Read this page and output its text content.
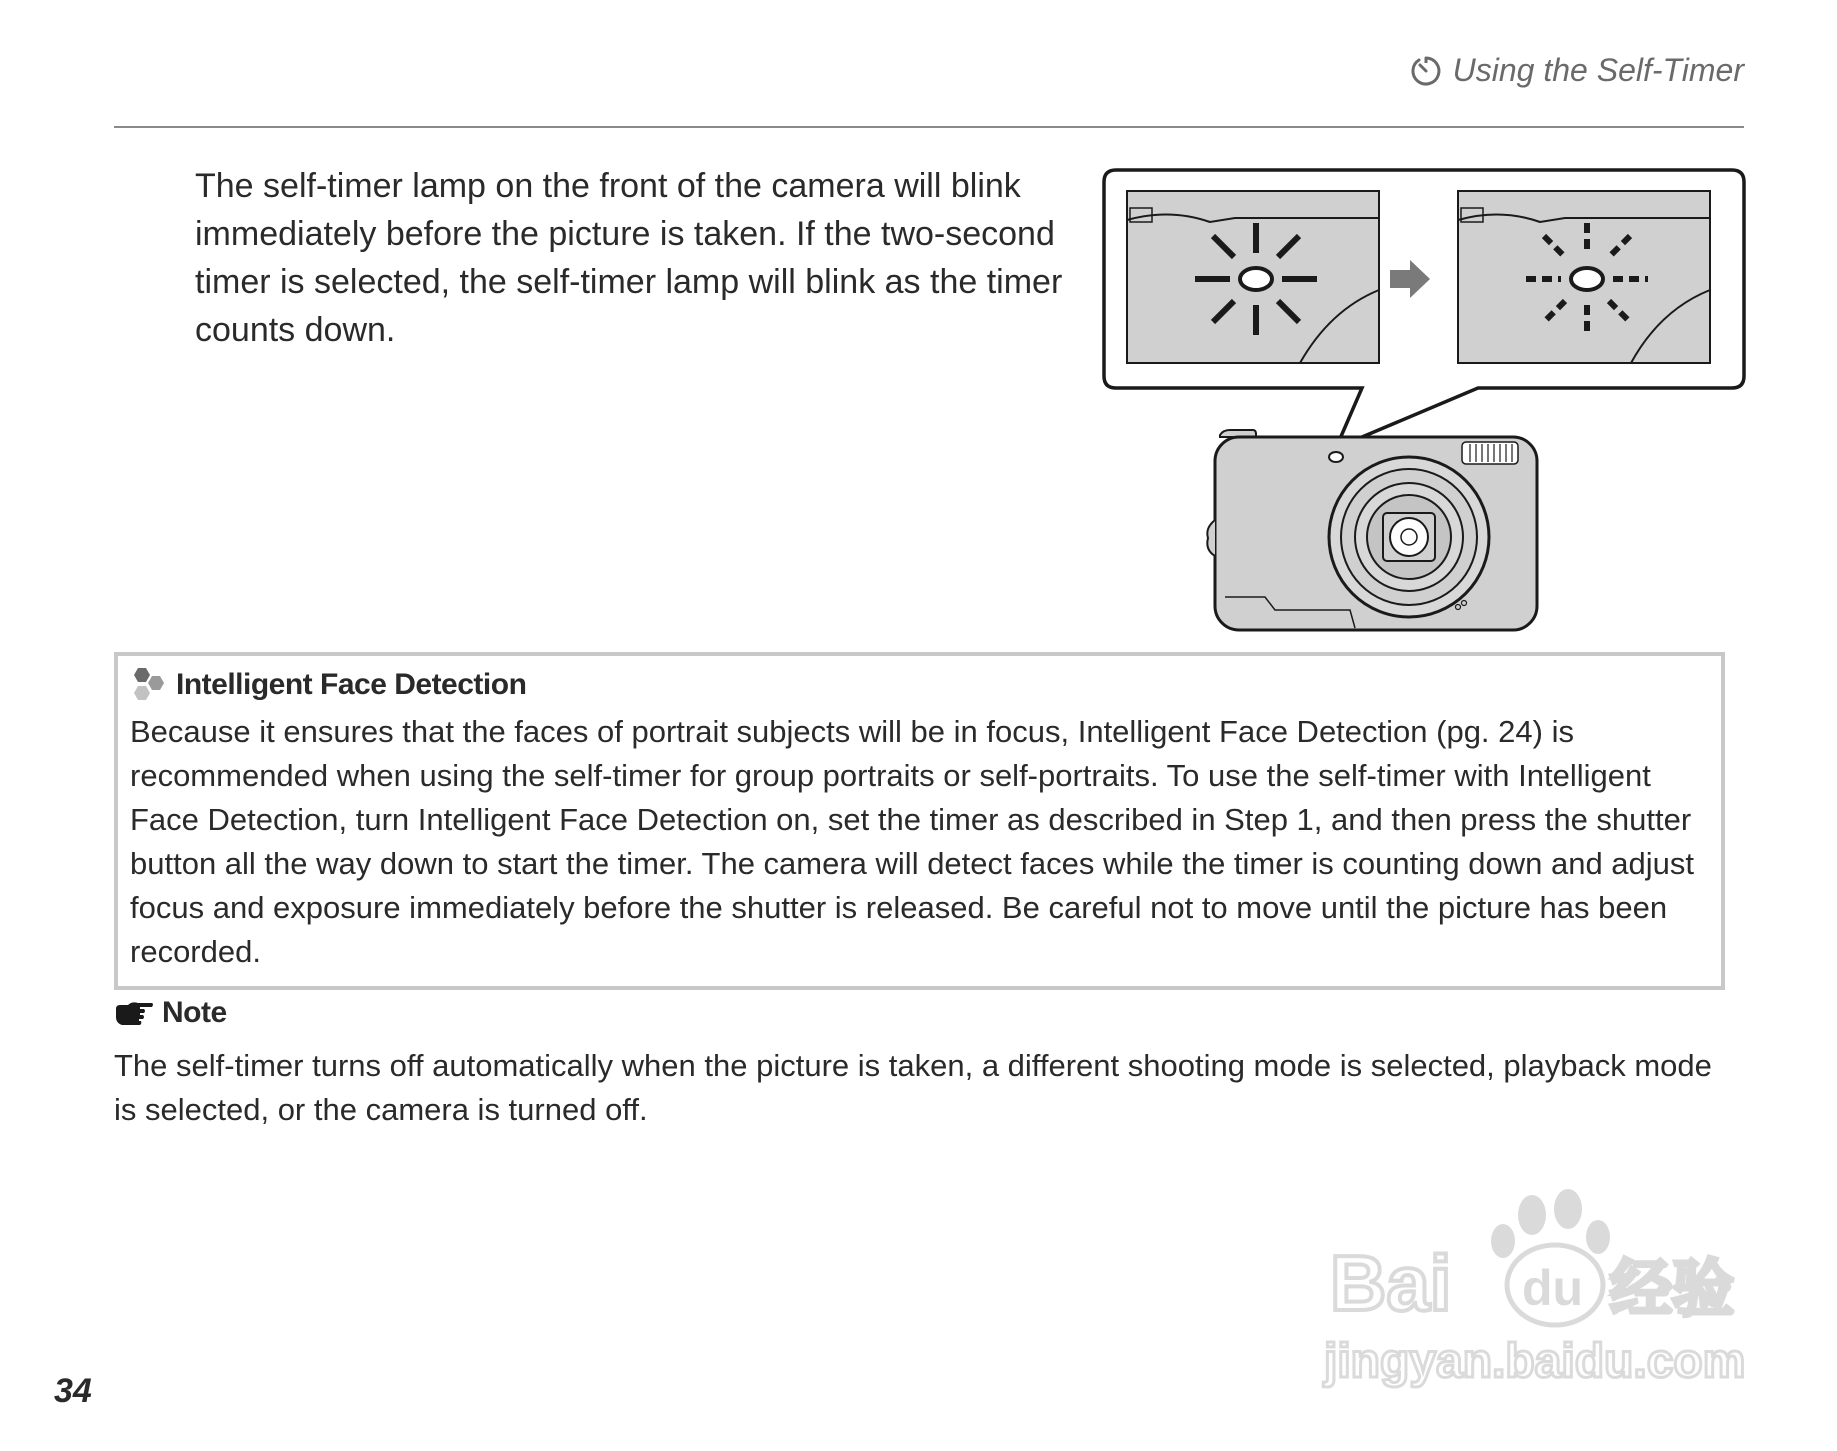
Using the Self-Timer

The self-timer lamp on the front of the camera will blink immediately before the picture is taken. If the two-second timer is selected, the self-timer lamp will blink as the timer counts down.

Intelligent Face Detection

Because it ensures that the faces of portrait subjects will be in focus, Intelligent Face Detection (pg. 24) is recommended when using the self-timer for group portraits or self-portraits. To use the self-timer with Intelligent Face Detection, turn Intelligent Face Detection on, set the timer as described in Step 1, and then press the shutter button all the way down to start the timer. The camera will detect faces while the timer is counting down and adjust focus and exposure immediately before the shutter is released. Be careful not to move until the picture has been recorded.

Note

The self-timer turns off automatically when the picture is taken, a different shooting mode is selected, playback mode is selected, or the camera is turned off.

34
Bai du 经验
jingyan.baidu.com
